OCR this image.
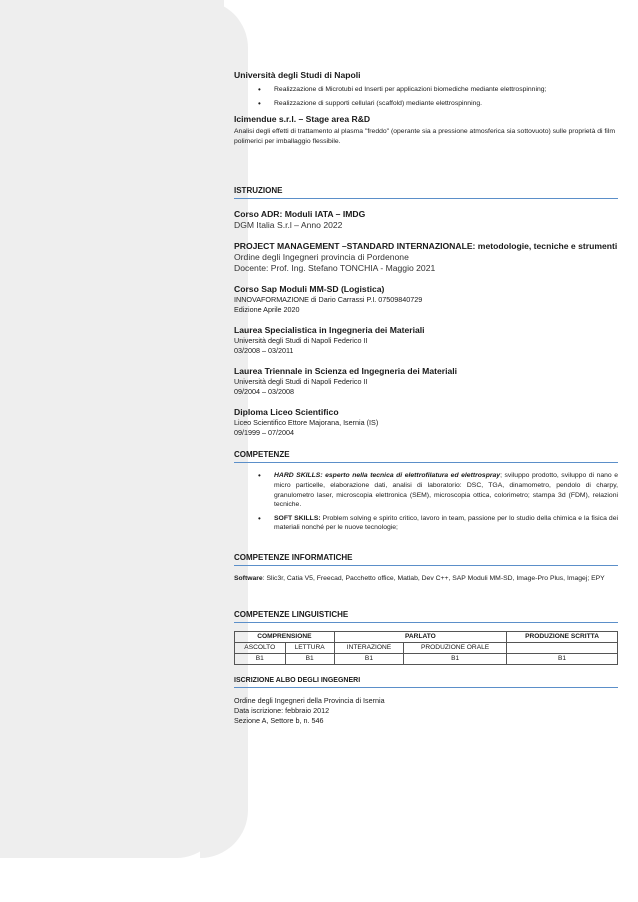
Università degli Studi di Napoli

• Realizzazione di Microtubi ed Inserti per applicazioni biomediche mediante elettrospinning;
• Realizzazione di supporti cellulari (scaffold) mediante elettrospinning.

Icimendue s.r.l. – Stage area R&D

Analisi degli effetti di trattamento al plasma "freddo" (operante sia a pressione atmosferica sia sottovuoto) sulle proprietà di film polimerici per imballaggio flessibile.

ISTRUZIONE

Corso ADR: Moduli IATA – IMDG

DGM Italia S.r.l – Anno 2022

PROJECT MANAGEMENT –STANDARD INTERNAZIONALE: metodologie, tecniche e strumenti

Ordine degli Ingegneri provincia di Pordenone

Docente: Prof. Ing. Stefano TONCHIA - Maggio 2021

Corso Sap Moduli MM-SD (Logistica)

INNOVAFORMAZIONE di Dario Carrassi P.I. 07509840729

Edizione Aprile 2020

Laurea Specialistica in Ingegneria dei Materiali

Università degli Studi di Napoli Federico II

03/2008 – 03/2011

Laurea Triennale in Scienza ed Ingegneria dei Materiali

Università degli Studi di Napoli Federico II

09/2004 – 03/2008

Diploma Liceo Scientifico

Liceo Scientifico Ettore Majorana, Isernia (IS)

09/1999 – 07/2004

COMPETENZE

• HARD SKILLS: esperto nella tecnica di elettrofilatura ed elettrospray; sviluppo prodotto, sviluppo di nano e micro particelle, elaborazione dati, analisi di laboratorio: DSC, TGA, dinamometro, pendolo di charpy, granulometro laser, microscopia elettronica (SEM), microscopia ottica, colorimetro; stampa 3d (FDM), relazioni tecniche.
• SOFT SKILLS: Problem solving e spirito critico, lavoro in team, passione per lo studio della chimica e la fisica dei materiali nonché per le nuove tecnologie;

COMPETENZE INFORMATICHE

Software: Slic3r, Catia V5, Freecad, Pacchetto office, Matlab, Dev C++, SAP Moduli MM-SD, Image-Pro Plus, Imagej; EPY

COMPETENZE LINGUISTICHE

COMPRENSIONE		PARLATO		PRODUZIONE SCRITTA
ASCOLTO	LETTURA	INTERAZIONE	PRODUZIONE ORALE	
B1	B1	B1	B1	B1

ISCRIZIONE ALBO DEGLI INGEGNERI

Ordine degli Ingegneri della Provincia di Isernia

Data iscrizione: febbraio 2012

Sezione A, Settore b, n. 546
